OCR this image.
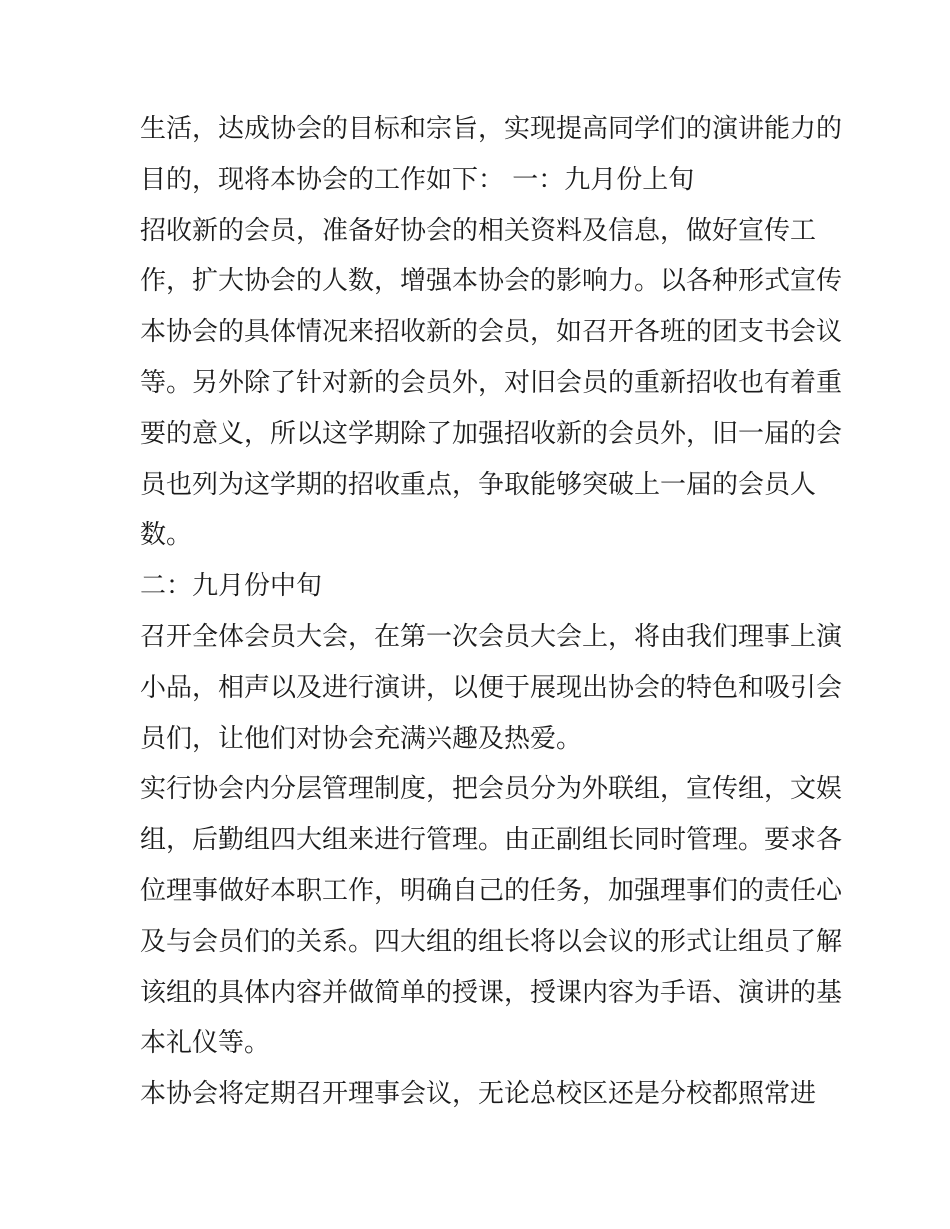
生活，达成协会的目标和宗旨，实现提高同学们的演讲能力的
目的，现将本协会的工作如下： 一：九月份上旬
招收新的会员，准备好协会的相关资料及信息，做好宣传工
作，扩大协会的人数，增强本协会的影响力。以各种形式宣传
本协会的具体情况来招收新的会员，如召开各班的团支书会议
等。另外除了针对新的会员外，对旧会员的重新招收也有着重
要的意义，所以这学期除了加强招收新的会员外，旧一届的会
员也列为这学期的招收重点，争取能够突破上一届的会员人
数。
二：九月份中旬
召开全体会员大会，在第一次会员大会上，将由我们理事上演
小品，相声以及进行演讲，以便于展现出协会的特色和吸引会
员们，让他们对协会充满兴趣及热爱。
实行协会内分层管理制度，把会员分为外联组，宣传组，文娱
组，后勤组四大组来进行管理。由正副组长同时管理。要求各
位理事做好本职工作，明确自己的任务，加强理事们的责任心
及与会员们的关系。四大组的组长将以会议的形式让组员了解
该组的具体内容并做简单的授课，授课内容为手语、演讲的基
本礼仪等。
本协会将定期召开理事会议，无论总校区还是分校都照常进
